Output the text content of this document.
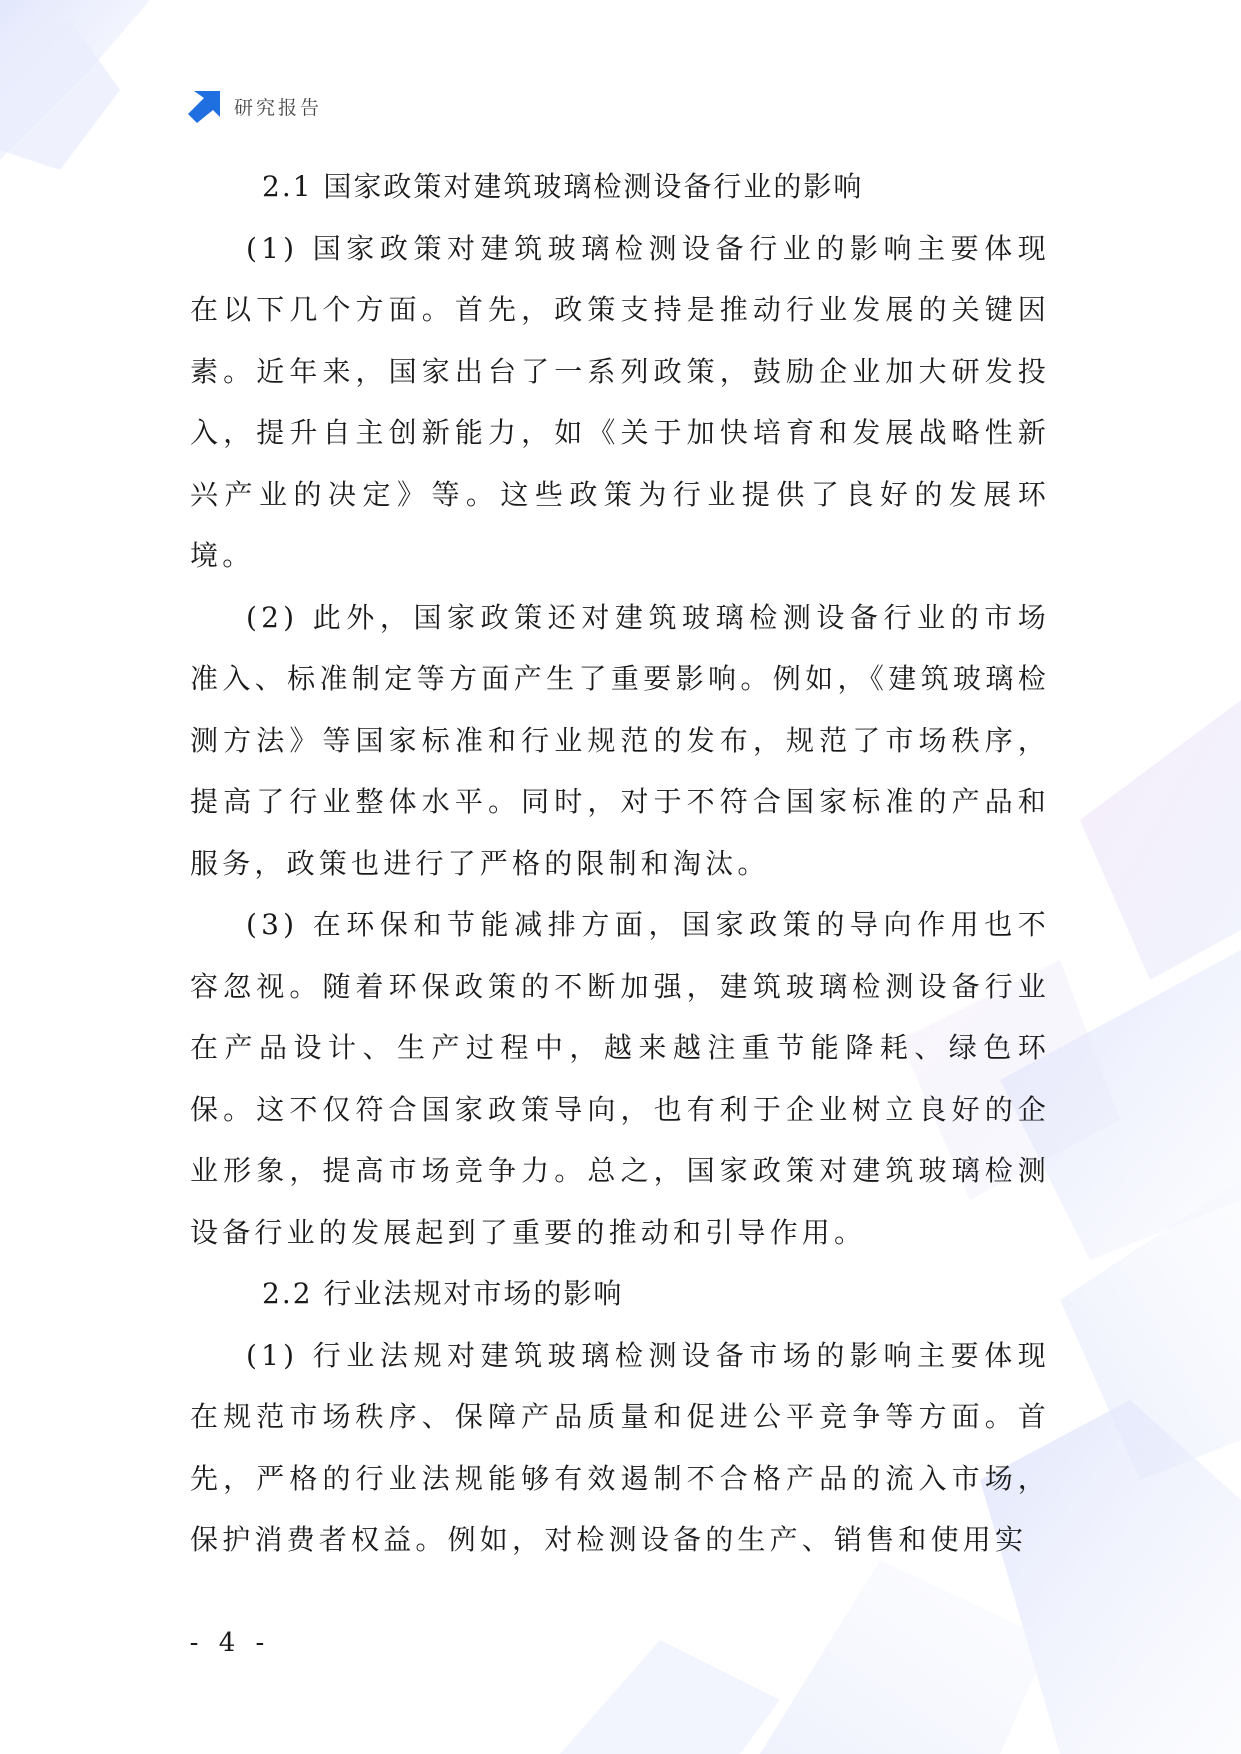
研究报告
2.1 国家政策对建筑玻璃检测设备行业的影响

(1) 国家政策对建筑玻璃检测设备行业的影响主要体现在以下几个方面。首先，政策支持是推动行业发展的关键因素。近年来，国家出台了一系列政策，鼓励企业加大研发投入，提升自主创新能力，如《关于加快培育和发展战略性新兴产业的决定》等。这些政策为行业提供了良好的发展环境。

(2) 此外，国家政策还对建筑玻璃检测设备行业的市场准入、标准制定等方面产生了重要影响。例如，《建筑玻璃检测方法》等国家标准和行业规范的发布，规范了市场秩序，提高了行业整体水平。同时，对于不符合国家标准的产品和服务，政策也进行了严格的限制和淘汰。

(3) 在环保和节能减排方面，国家政策的导向作用也不容忽视。随着环保政策的不断加强，建筑玻璃检测设备行业在产品设计、生产过程中，越来越注重节能降耗、绿色环保。这不仅符合国家政策导向，也有利于企业树立良好的企业形象，提高市场竞争力。总之，国家政策对建筑玻璃检测设备行业的发展起到了重要的推动和引导作用。

2.2 行业法规对市场的影响

(1) 行业法规对建筑玻璃检测设备市场的影响主要体现在规范市场秩序、保障产品质量和促进公平竞争等方面。首先，严格的行业法规能够有效遏制不合格产品的流入市场，保护消费者权益。例如，对检测设备的生产、销售和使用实

- 4 -
